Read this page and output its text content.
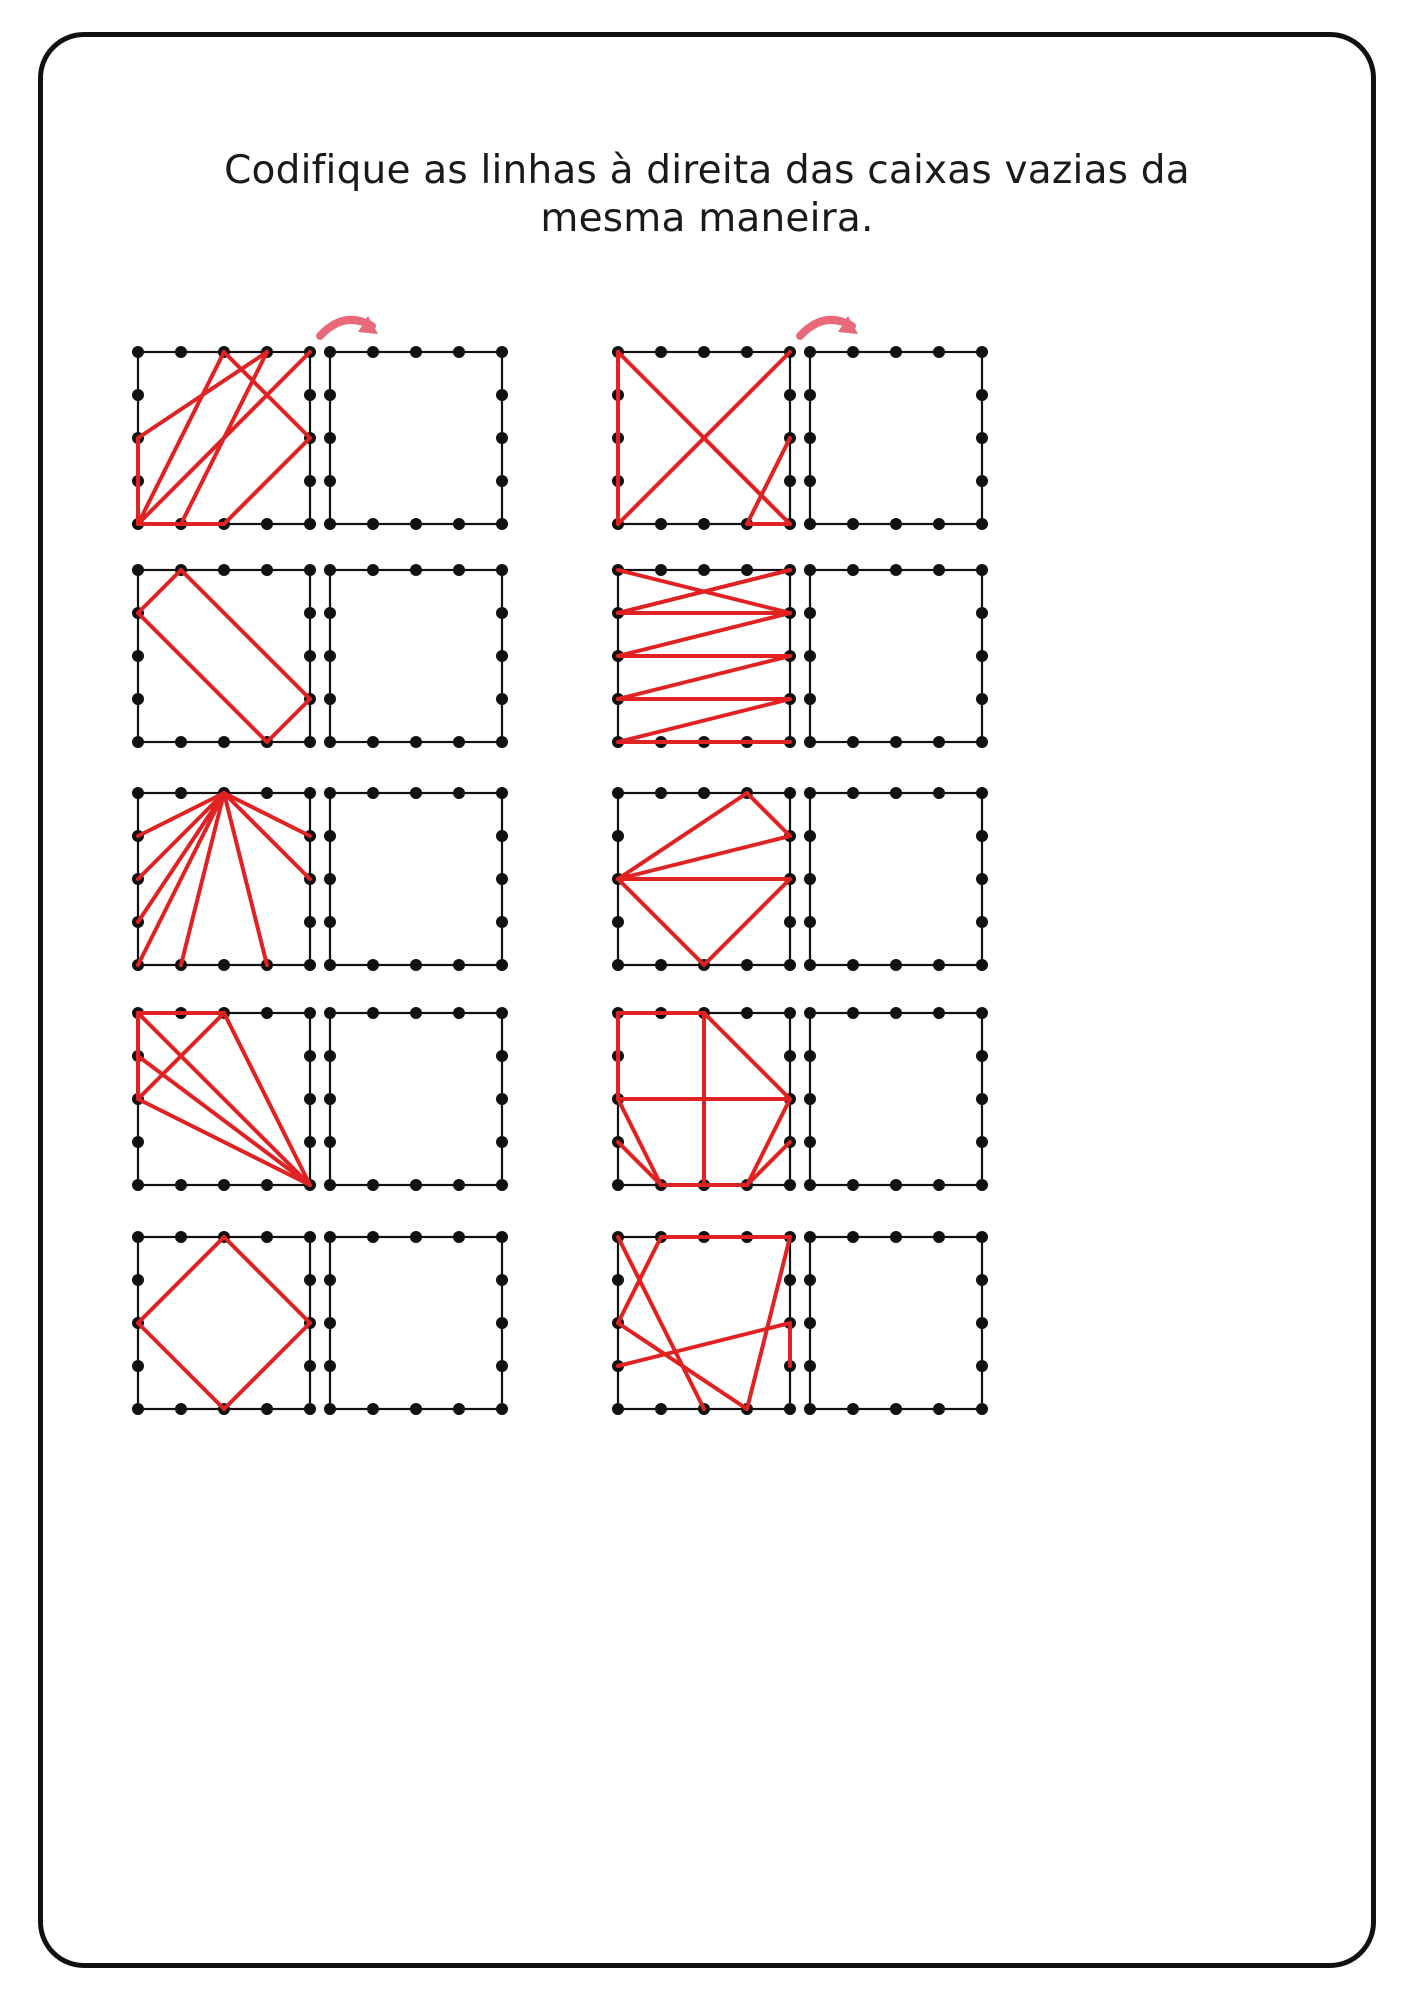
Codifique as linhas à direita das caixas vazias da
mesma maneira.
